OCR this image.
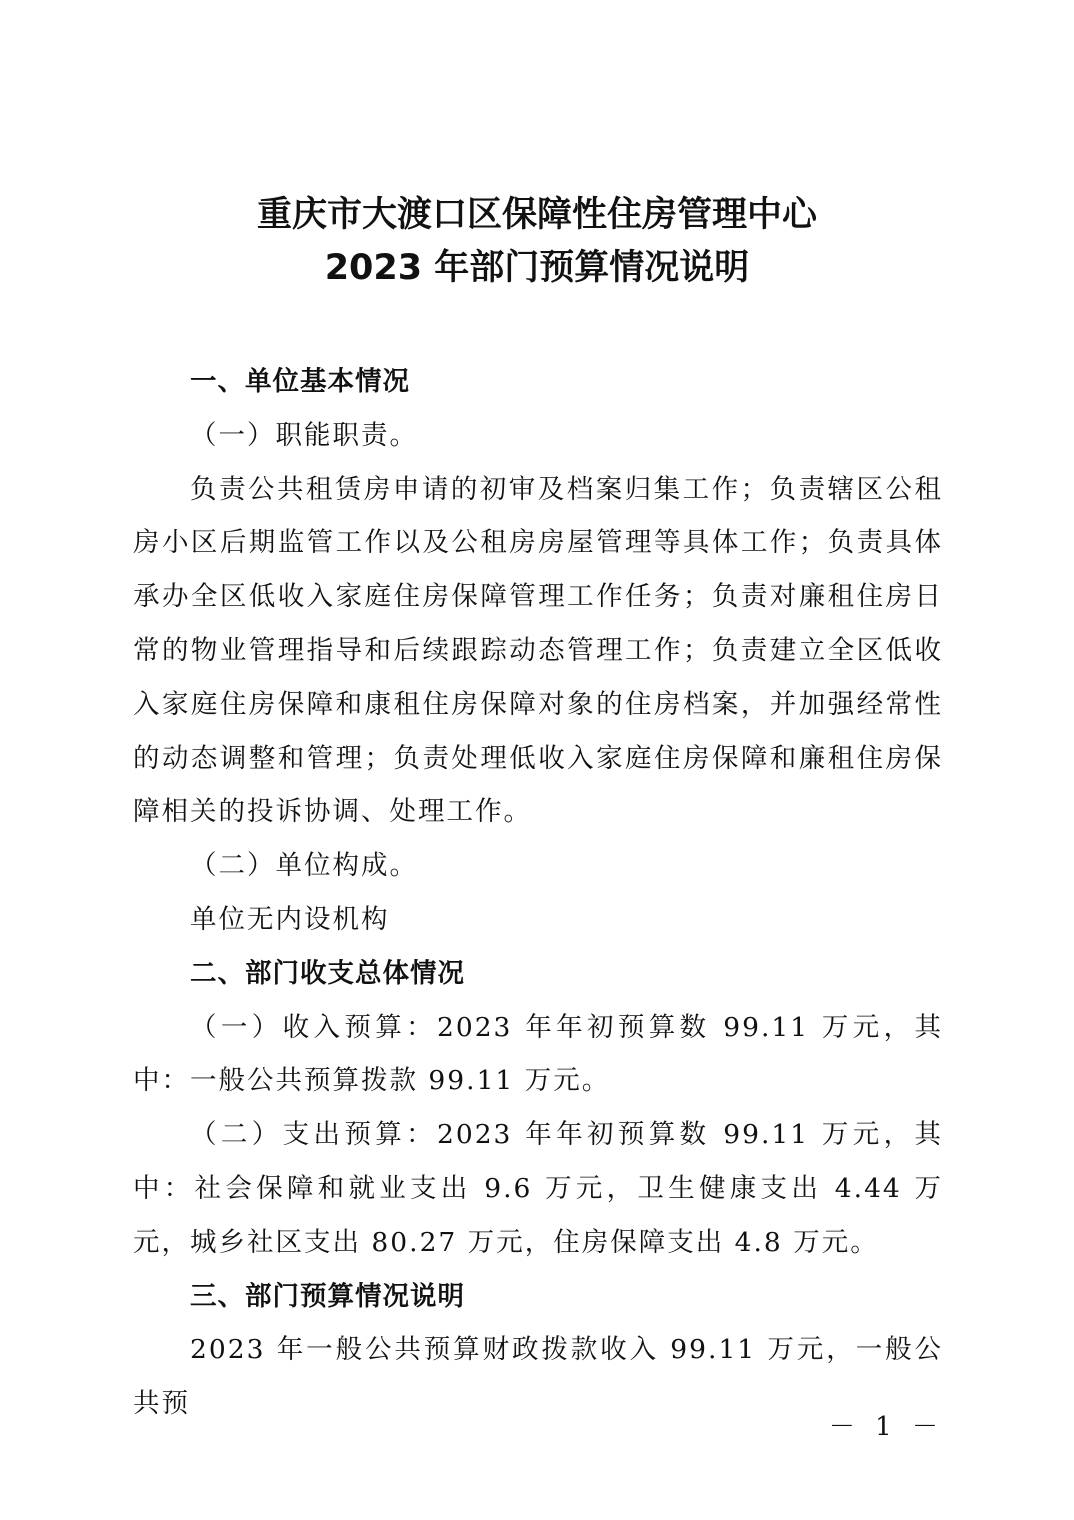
重庆市大渡口区保障性住房管理中心
2023 年部门预算情况说明

一、单位基本情况

（一）职能职责。

负责公共租赁房申请的初审及档案归集工作；负责辖区公租房小区后期监管工作以及公租房房屋管理等具体工作；负责具体承办全区低收入家庭住房保障管理工作任务；负责对廉租住房日常的物业管理指导和后续跟踪动态管理工作；负责建立全区低收入家庭住房保障和康租住房保障对象的住房档案，并加强经常性的动态调整和管理；负责处理低收入家庭住房保障和廉租住房保障相关的投诉协调、处理工作。

（二）单位构成。

单位无内设机构

二、部门收支总体情况

（一）收入预算：2023 年年初预算数 99.11 万元，其中：一般公共预算拨款 99.11 万元。

（二）支出预算：2023 年年初预算数 99.11 万元，其中：社会保障和就业支出 9.6 万元，卫生健康支出 4.44 万元，城乡社区支出 80.27 万元，住房保障支出 4.8 万元。

三、部门预算情况说明

2023 年一般公共预算财政拨款收入 99.11 万元，一般公共预

－ 1 －
